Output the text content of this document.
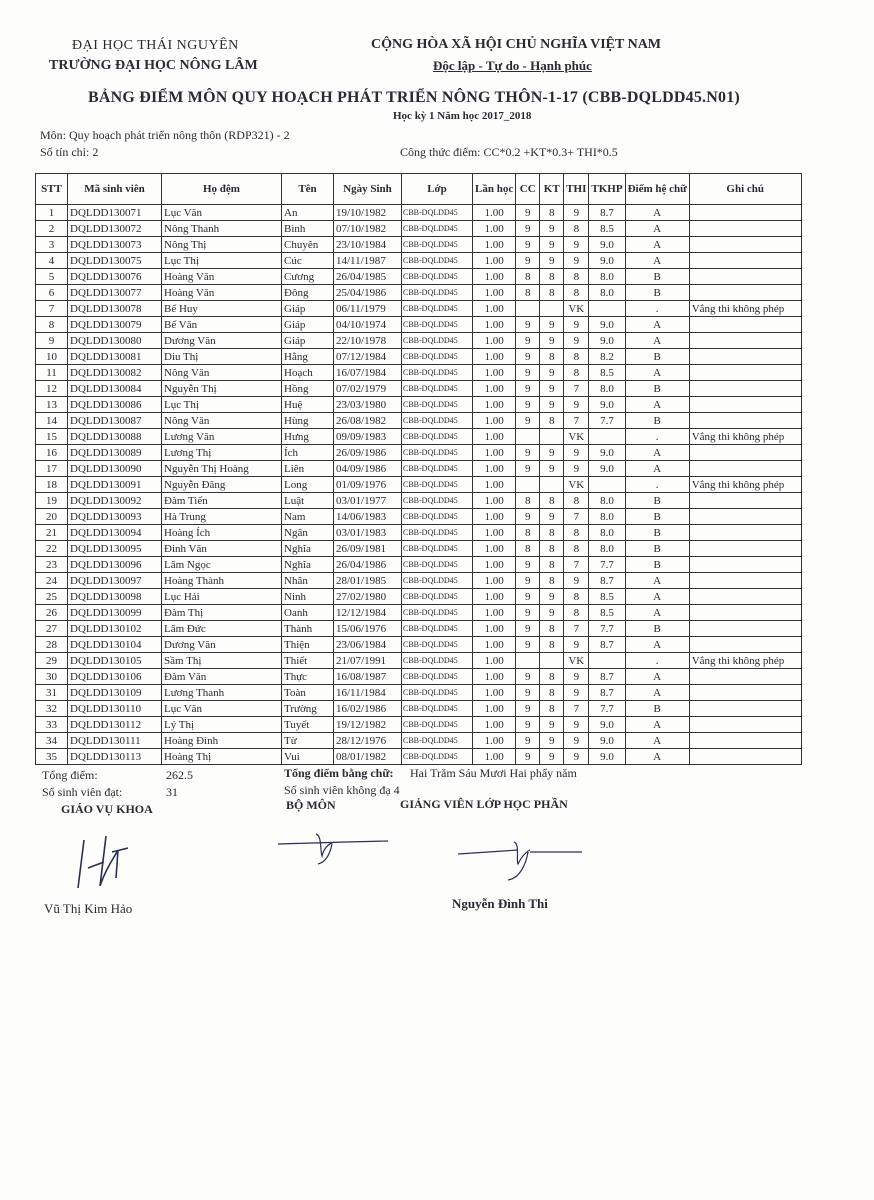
ĐẠI HỌC THÁI NGUYÊN
TRƯỜNG ĐẠI HỌC NÔNG LÂM
CỘNG HÒA XÃ HỘI CHỦ NGHĨA VIỆT NAM
Độc lập - Tự do - Hạnh phúc
BẢNG ĐIỂM MÔN QUY HOẠCH PHÁT TRIỂN NÔNG THÔN-1-17 (CBB-DQLDD45.N01)
Học kỳ 1 Năm học 2017_2018
Môn: Quy hoạch phát triển nông thôn (RDP321) - 2
Số tín chỉ: 2	Công thức điểm: CC*0.2 +KT*0.3+ THI*0.5
STT	Mã sinh viên	Họ đệm	Tên	Ngày Sinh	Lớp	Lần học	CC	KT	THI	TKHP	Điểm hệ chữ	Ghi chú
1	DQLDD130071	Lục Văn	An	19/10/1982	CBB-DQLDD45	1.00	9	8	9	8.7	A	
2	DQLDD130072	Nông Thanh	Bình	07/10/1982	CBB-DQLDD45	1.00	9	9	8	8.5	A	
3	DQLDD130073	Nông Thị	Chuyên	23/10/1984	CBB-DQLDD45	1.00	9	9	9	9.0	A	
4	DQLDD130075	Lục Thị	Cúc	14/11/1987	CBB-DQLDD45	1.00	9	9	9	9.0	A	
5	DQLDD130076	Hoàng Văn	Cương	26/04/1985	CBB-DQLDD45	1.00	8	8	8	8.0	B	
6	DQLDD130077	Hoàng Văn	Đông	25/04/1986	CBB-DQLDD45	1.00	8	8	8	8.0	B	
7	DQLDD130078	Bế Huy	Giáp	06/11/1979	CBB-DQLDD45	1.00			VK		.	Vắng thi không phép
8	DQLDD130079	Bế Văn	Giáp	04/10/1974	CBB-DQLDD45	1.00	9	9	9	9.0	A	
9	DQLDD130080	Dương Văn	Giáp	22/10/1978	CBB-DQLDD45	1.00	9	9	9	9.0	A	
10	DQLDD130081	Diu Thị	Hằng	07/12/1984	CBB-DQLDD45	1.00	9	8	8	8.2	B	
11	DQLDD130082	Nông Văn	Hoạch	16/07/1984	CBB-DQLDD45	1.00	9	9	8	8.5	A	
12	DQLDD130084	Nguyễn Thị	Hồng	07/02/1979	CBB-DQLDD45	1.00	9	9	7	8.0	B	
13	DQLDD130086	Lục Thị	Huệ	23/03/1980	CBB-DQLDD45	1.00	9	9	9	9.0	A	
14	DQLDD130087	Nông Văn	Hùng	26/08/1982	CBB-DQLDD45	1.00	9	8	7	7.7	B	
15	DQLDD130088	Lương Văn	Hưng	09/09/1983	CBB-DQLDD45	1.00			VK		.	Vắng thi không phép
16	DQLDD130089	Lương Thị	Ích	26/09/1986	CBB-DQLDD45	1.00	9	9	9	9.0	A	
17	DQLDD130090	Nguyễn Thị Hoàng	Liên	04/09/1986	CBB-DQLDD45	1.00	9	9	9	9.0	A	
18	DQLDD130091	Nguyễn Đăng	Long	01/09/1976	CBB-DQLDD45	1.00			VK		.	Vắng thi không phép
19	DQLDD130092	Đàm Tiến	Luật	03/01/1977	CBB-DQLDD45	1.00	8	8	8	8.0	B	
20	DQLDD130093	Hà Trung	Nam	14/06/1983	CBB-DQLDD45	1.00	9	9	7	8.0	B	
21	DQLDD130094	Hoàng Ích	Ngân	03/01/1983	CBB-DQLDD45	1.00	8	8	8	8.0	B	
22	DQLDD130095	Đinh Văn	Nghĩa	26/09/1981	CBB-DQLDD45	1.00	8	8	8	8.0	B	
23	DQLDD130096	Lâm Ngọc	Nghĩa	26/04/1986	CBB-DQLDD45	1.00	9	8	7	7.7	B	
24	DQLDD130097	Hoàng Thành	Nhân	28/01/1985	CBB-DQLDD45	1.00	9	8	9	8.7	A	
25	DQLDD130098	Lục Hải	Ninh	27/02/1980	CBB-DQLDD45	1.00	9	9	8	8.5	A	
26	DQLDD130099	Đàm Thị	Oanh	12/12/1984	CBB-DQLDD45	1.00	9	9	8	8.5	A	
27	DQLDD130102	Lâm Đức	Thành	15/06/1976	CBB-DQLDD45	1.00	9	8	7	7.7	B	
28	DQLDD130104	Dương Văn	Thiện	23/06/1984	CBB-DQLDD45	1.00	9	8	9	8.7	A	
29	DQLDD130105	Sầm Thị	Thiết	21/07/1991	CBB-DQLDD45	1.00			VK		.	Vắng thi không phép
30	DQLDD130106	Đàm Văn	Thực	16/08/1987	CBB-DQLDD45	1.00	9	8	9	8.7	A	
31	DQLDD130109	Lương Thanh	Toàn	16/11/1984	CBB-DQLDD45	1.00	9	8	9	8.7	A	
32	DQLDD130110	Lục Văn	Trường	16/02/1986	CBB-DQLDD45	1.00	9	8	7	7.7	B	
33	DQLDD130112	Lý Thị	Tuyết	19/12/1982	CBB-DQLDD45	1.00	9	9	9	9.0	A	
34	DQLDD130111	Hoàng Đình	Từ	28/12/1976	CBB-DQLDD45	1.00	9	9	9	9.0	A	
35	DQLDD130113	Hoàng Thị	Vui	08/01/1982	CBB-DQLDD45	1.00	9	9	9	9.0	A	
Tổng điểm:	262.5
Số sinh viên đạt:	31
Tổng điểm bằng chữ: Hai Trăm Sáu Mươi Hai phẩy năm
Số sinh viên không đạ 4
GIÁO VỤ KHOA	BỘ MÔN	GIẢNG VIÊN LỚP HỌC PHẦN
Vũ Thị Kim Hảo	Nguyễn Đình Thi
